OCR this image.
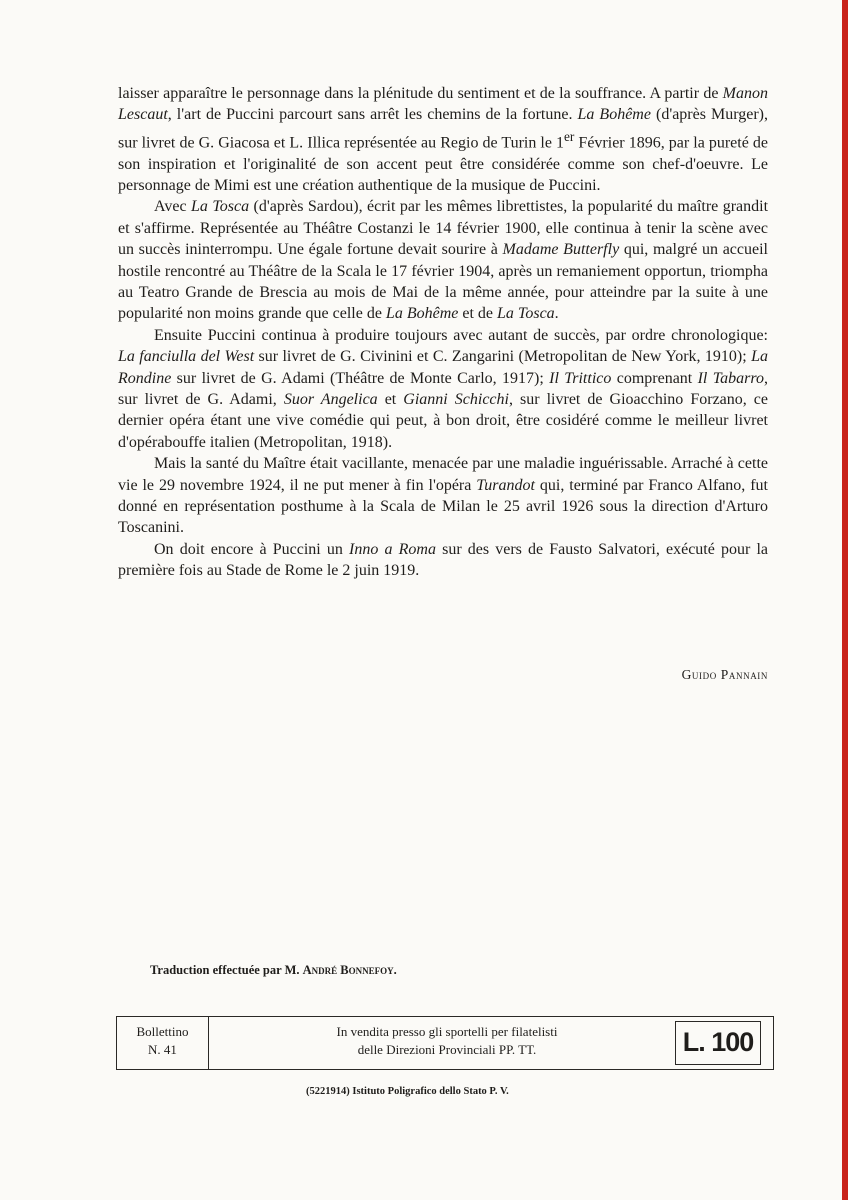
laisser apparaître le personnage dans la plénitude du sentiment et de la souffrance. A partir de Manon Lescaut, l'art de Puccini parcourt sans arrêt les chemins de la fortune. La Bohême (d'après Murger), sur livret de G. Giacosa et L. Illica représentée au Regio de Turin le 1er Février 1896, par la pureté de son inspiration et l'originalité de son accent peut être considérée comme son chef-d'oeuvre. Le personnage de Mimi est une création authentique de la musique de Puccini.

Avec La Tosca (d'après Sardou), écrit par les mêmes librettistes, la popularité du maître grandit et s'affirme. Représentée au Théâtre Costanzi le 14 février 1900, elle continua à tenir la scène avec un succès ininterrompu. Une égale fortune devait sourire à Madame Butterfly qui, malgré un accueil hostile rencontré au Théâtre de la Scala le 17 février 1904, après un remaniement opportun, triompha au Teatro Grande de Brescia au mois de Mai de la même année, pour atteindre par la suite à une popularité non moins grande que celle de La Bohême et de La Tosca.

Ensuite Puccini continua à produire toujours avec autant de succès, par ordre chronologique: La fanciulla del West sur livret de G. Civinini et C. Zangarini (Metropolitan de New York, 1910); La Rondine sur livret de G. Adami (Théâtre de Monte Carlo, 1917); Il Trittico comprenant Il Tabarro, sur livret de G. Adami, Suor Angelica et Gianni Schicchi, sur livret de Gioacchino Forzano, ce dernier opéra étant une vive comédie qui peut, à bon droit, être cosidéré comme le meilleur livret d'opérabouffe italien (Metropolitan, 1918).

Mais la santé du Maître était vacillante, menacée par une maladie inguérissable. Arraché à cette vie le 29 novembre 1924, il ne put mener à fin l'opéra Turandot qui, terminé par Franco Alfano, fut donné en représentation posthume à la Scala de Milan le 25 avril 1926 sous la direction d'Arturo Toscanini.

On doit encore à Puccini un Inno a Roma sur des vers de Fausto Salvatori, exécuté pour la première fois au Stade de Rome le 2 juin 1919.

Guido Pannain
Traduction effectuée par M. André Bonnefoy.
Bollettino
N. 41
In vendita presso gli sportelli per filatelisti
delle Direzioni Provinciali PP. TT.	L. 100
(5221914) Istituto Poligrafico dello Stato P. V.
